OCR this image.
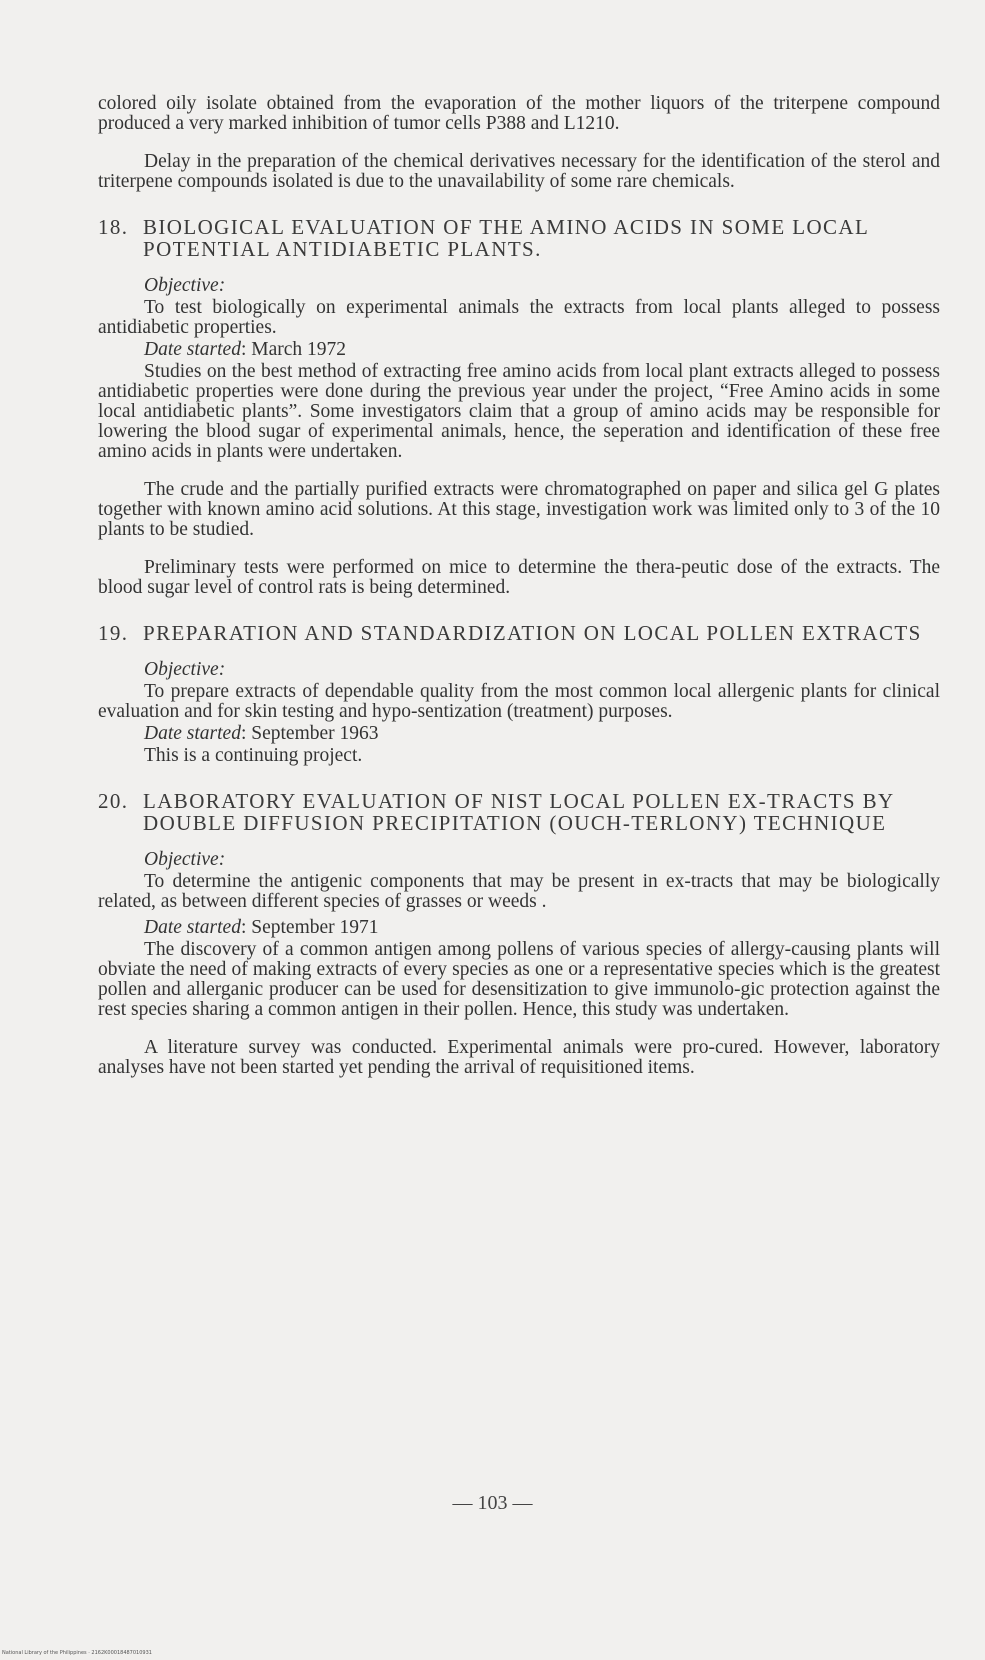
colored oily isolate obtained from the evaporation of the mother liquors of the triterpene compound produced a very marked inhibition of tumor cells P388 and L1210.

Delay in the preparation of the chemical derivatives necessary for the identification of the sterol and triterpene compounds isolated is due to the unavailability of some rare chemicals.

18. BIOLOGICAL EVALUATION OF THE AMINO ACIDS IN SOME LOCAL POTENTIAL ANTIDIABETIC PLANTS.
Objective:

To test biologically on experimental animals the extracts from local plants alleged to possess antidiabetic properties.

Date started: March 1972

Studies on the best method of extracting free amino acids from local plant extracts alleged to possess antidiabetic properties were done during the previous year under the project, “Free Amino acids in some local antidiabetic plants”. Some investigators claim that a group of amino acids may be responsible for lowering the blood sugar of experimental animals, hence, the seperation and identification of these free amino acids in plants were undertaken.

The crude and the partially purified extracts were chromatographed on paper and silica gel G plates together with known amino acid solutions. At this stage, investigation work was limited only to 3 of the 10 plants to be studied.

Preliminary tests were performed on mice to determine the thera-peutic dose of the extracts. The blood sugar level of control rats is being determined.

19. PREPARATION AND STANDARDIZATION ON LOCAL POLLEN EXTRACTS
Objective:

To prepare extracts of dependable quality from the most common local allergenic plants for clinical evaluation and for skin testing and hypo-sentization (treatment) purposes.

Date started: September 1963

This is a continuing project.

20. LABORATORY EVALUATION OF NIST LOCAL POLLEN EX-TRACTS BY DOUBLE DIFFUSION PRECIPITATION (OUCH-TERLONY) TECHNIQUE
Objective:

To determine the antigenic components that may be present in ex-tracts that may be biologically related, as between different species of grasses or weeds .

Date started: September 1971

The discovery of a common antigen among pollens of various species of allergy-causing plants will obviate the need of making extracts of every species as one or a representative species which is the greatest pollen and allerganic producer can be used for desensitization to give immunolo-gic protection against the rest species sharing a common antigen in their pollen. Hence, this study was undertaken.

A literature survey was conducted. Experimental animals were pro-cured. However, laboratory analyses have not been started yet pending the arrival of requisitioned items.

— 103 —
National Library of the Philippines · 2162K00018487010931
